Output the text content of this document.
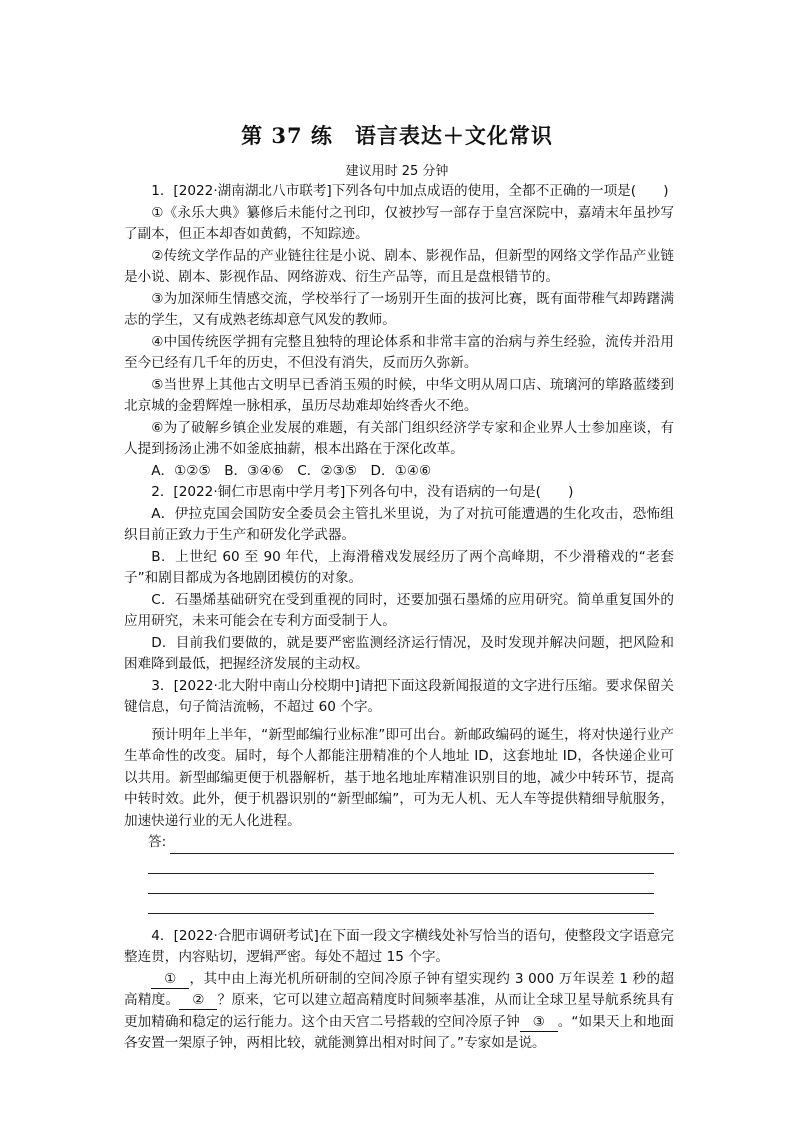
第 37 练　语言表达＋文化常识
建议用时 25 分钟

1．[2022·湖南湖北八市联考]下列各句中加点成语的使用，全都不正确的一项是(　　)

①《永乐大典》纂修后未能付之刊印，仅被抄写一部存于皇宫深院中，嘉靖末年虽抄写了副本，但正本却杳如黄鹤，不知踪迹。

②传统文学作品的产业链往往是小说、剧本、影视作品，但新型的网络文学作品产业链是小说、剧本、影视作品、网络游戏、衍生产品等，而且是盘根错节的。

③为加深师生情感交流，学校举行了一场别开生面的拔河比赛，既有面带稚气却踌躇满志的学生，又有成熟老练却意气风发的教师。

④中国传统医学拥有完整且独特的理论体系和非常丰富的治病与养生经验，流传并沿用至今已经有几千年的历史，不但没有消失，反而历久弥新。

⑤当世界上其他古文明早已香消玉殒的时候，中华文明从周口店、琉璃河的筚路蓝缕到北京城的金碧辉煌一脉相承，虽历尽劫难却始终香火不绝。

⑥为了破解乡镇企业发展的难题，有关部门组织经济学专家和企业界人士参加座谈，有人提到扬汤止沸不如釜底抽薪，根本出路在于深化改革。

A．①②⑤　B．③④⑥　C．②③⑤　D．①④⑥

2．[2022·铜仁市思南中学月考]下列各句中，没有语病的一句是(　　)

A．伊拉克国会国防安全委员会主管扎米里说，为了对抗可能遭遇的生化攻击，恐怖组织目前正致力于生产和研发化学武器。

B．上世纪 60 至 90 年代，上海滑稽戏发展经历了两个高峰期，不少滑稽戏的“老套子”和剧目都成为各地剧团模仿的对象。

C．石墨烯基础研究在受到重视的同时，还要加强石墨烯的应用研究。简单重复国外的应用研究，未来可能会在专利方面受制于人。

D．目前我们要做的，就是要严密监测经济运行情况，及时发现并解决问题，把风险和困难降到最低，把握经济发展的主动权。

3．[2022·北大附中南山分校期中]请把下面这段新闻报道的文字进行压缩。要求保留关键信息，句子简洁流畅，不超过 60 个字。

预计明年上半年，“新型邮编行业标准”即可出台。新邮政编码的诞生，将对快递行业产生革命性的改变。届时，每个人都能注册精准的个人地址 ID，这套地址 ID，各快递企业可以共用。新型邮编更便于机器解析，基于地名地址库精准识别目的地，减少中转环节，提高中转时效。此外，便于机器识别的“新型邮编”，可为无人机、无人车等提供精细导航服务，加速快递行业的无人化进程。

答:

4．[2022·合肥市调研考试]在下面一段文字横线处补写恰当的语句，使整段文字语意完整连贯，内容贴切，逻辑严密。每处不超过 15 个字。

① ，其中由上海光机所研制的空间冷原子钟有望实现约 3 000 万年误差 1 秒的超高精度。 ② ？原来，它可以建立超高精度时间频率基准，从而让全球卫星导航系统具有更加精确和稳定的运行能力。这个由天宫二号搭载的空间冷原子钟 ③ 。“如果天上和地面各安置一架原子钟，两相比较，就能测算出相对时间了。”专家如是说。
